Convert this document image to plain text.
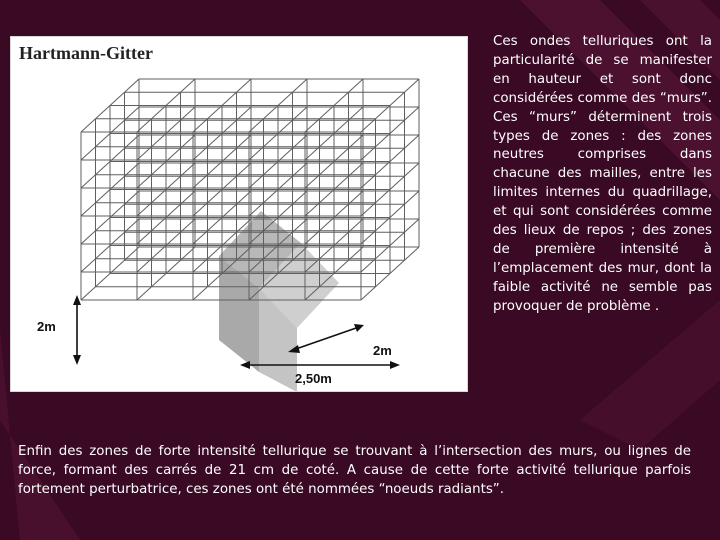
Hartmann-Gitter
2m
2m
2,50m

Ces ondes telluriques ont la particularité de se manifester en hauteur et sont donc considérées comme des “murs”. Ces “murs” déterminent trois types de zones : des zones neutres comprises dans chacune des mailles, entre les limites internes du quadrillage, et qui sont considérées comme des lieux de repos ; des zones de première intensité à l’emplacement des mur, dont la faible activité ne semble pas provoquer de problème .

Enfin des zones de forte intensité tellurique se trouvant à l’intersection des murs, ou lignes de force, formant des carrés de 21 cm de coté. A cause de cette forte activité tellurique parfois fortement perturbatrice, ces zones ont été nommées “noeuds radiants”.
